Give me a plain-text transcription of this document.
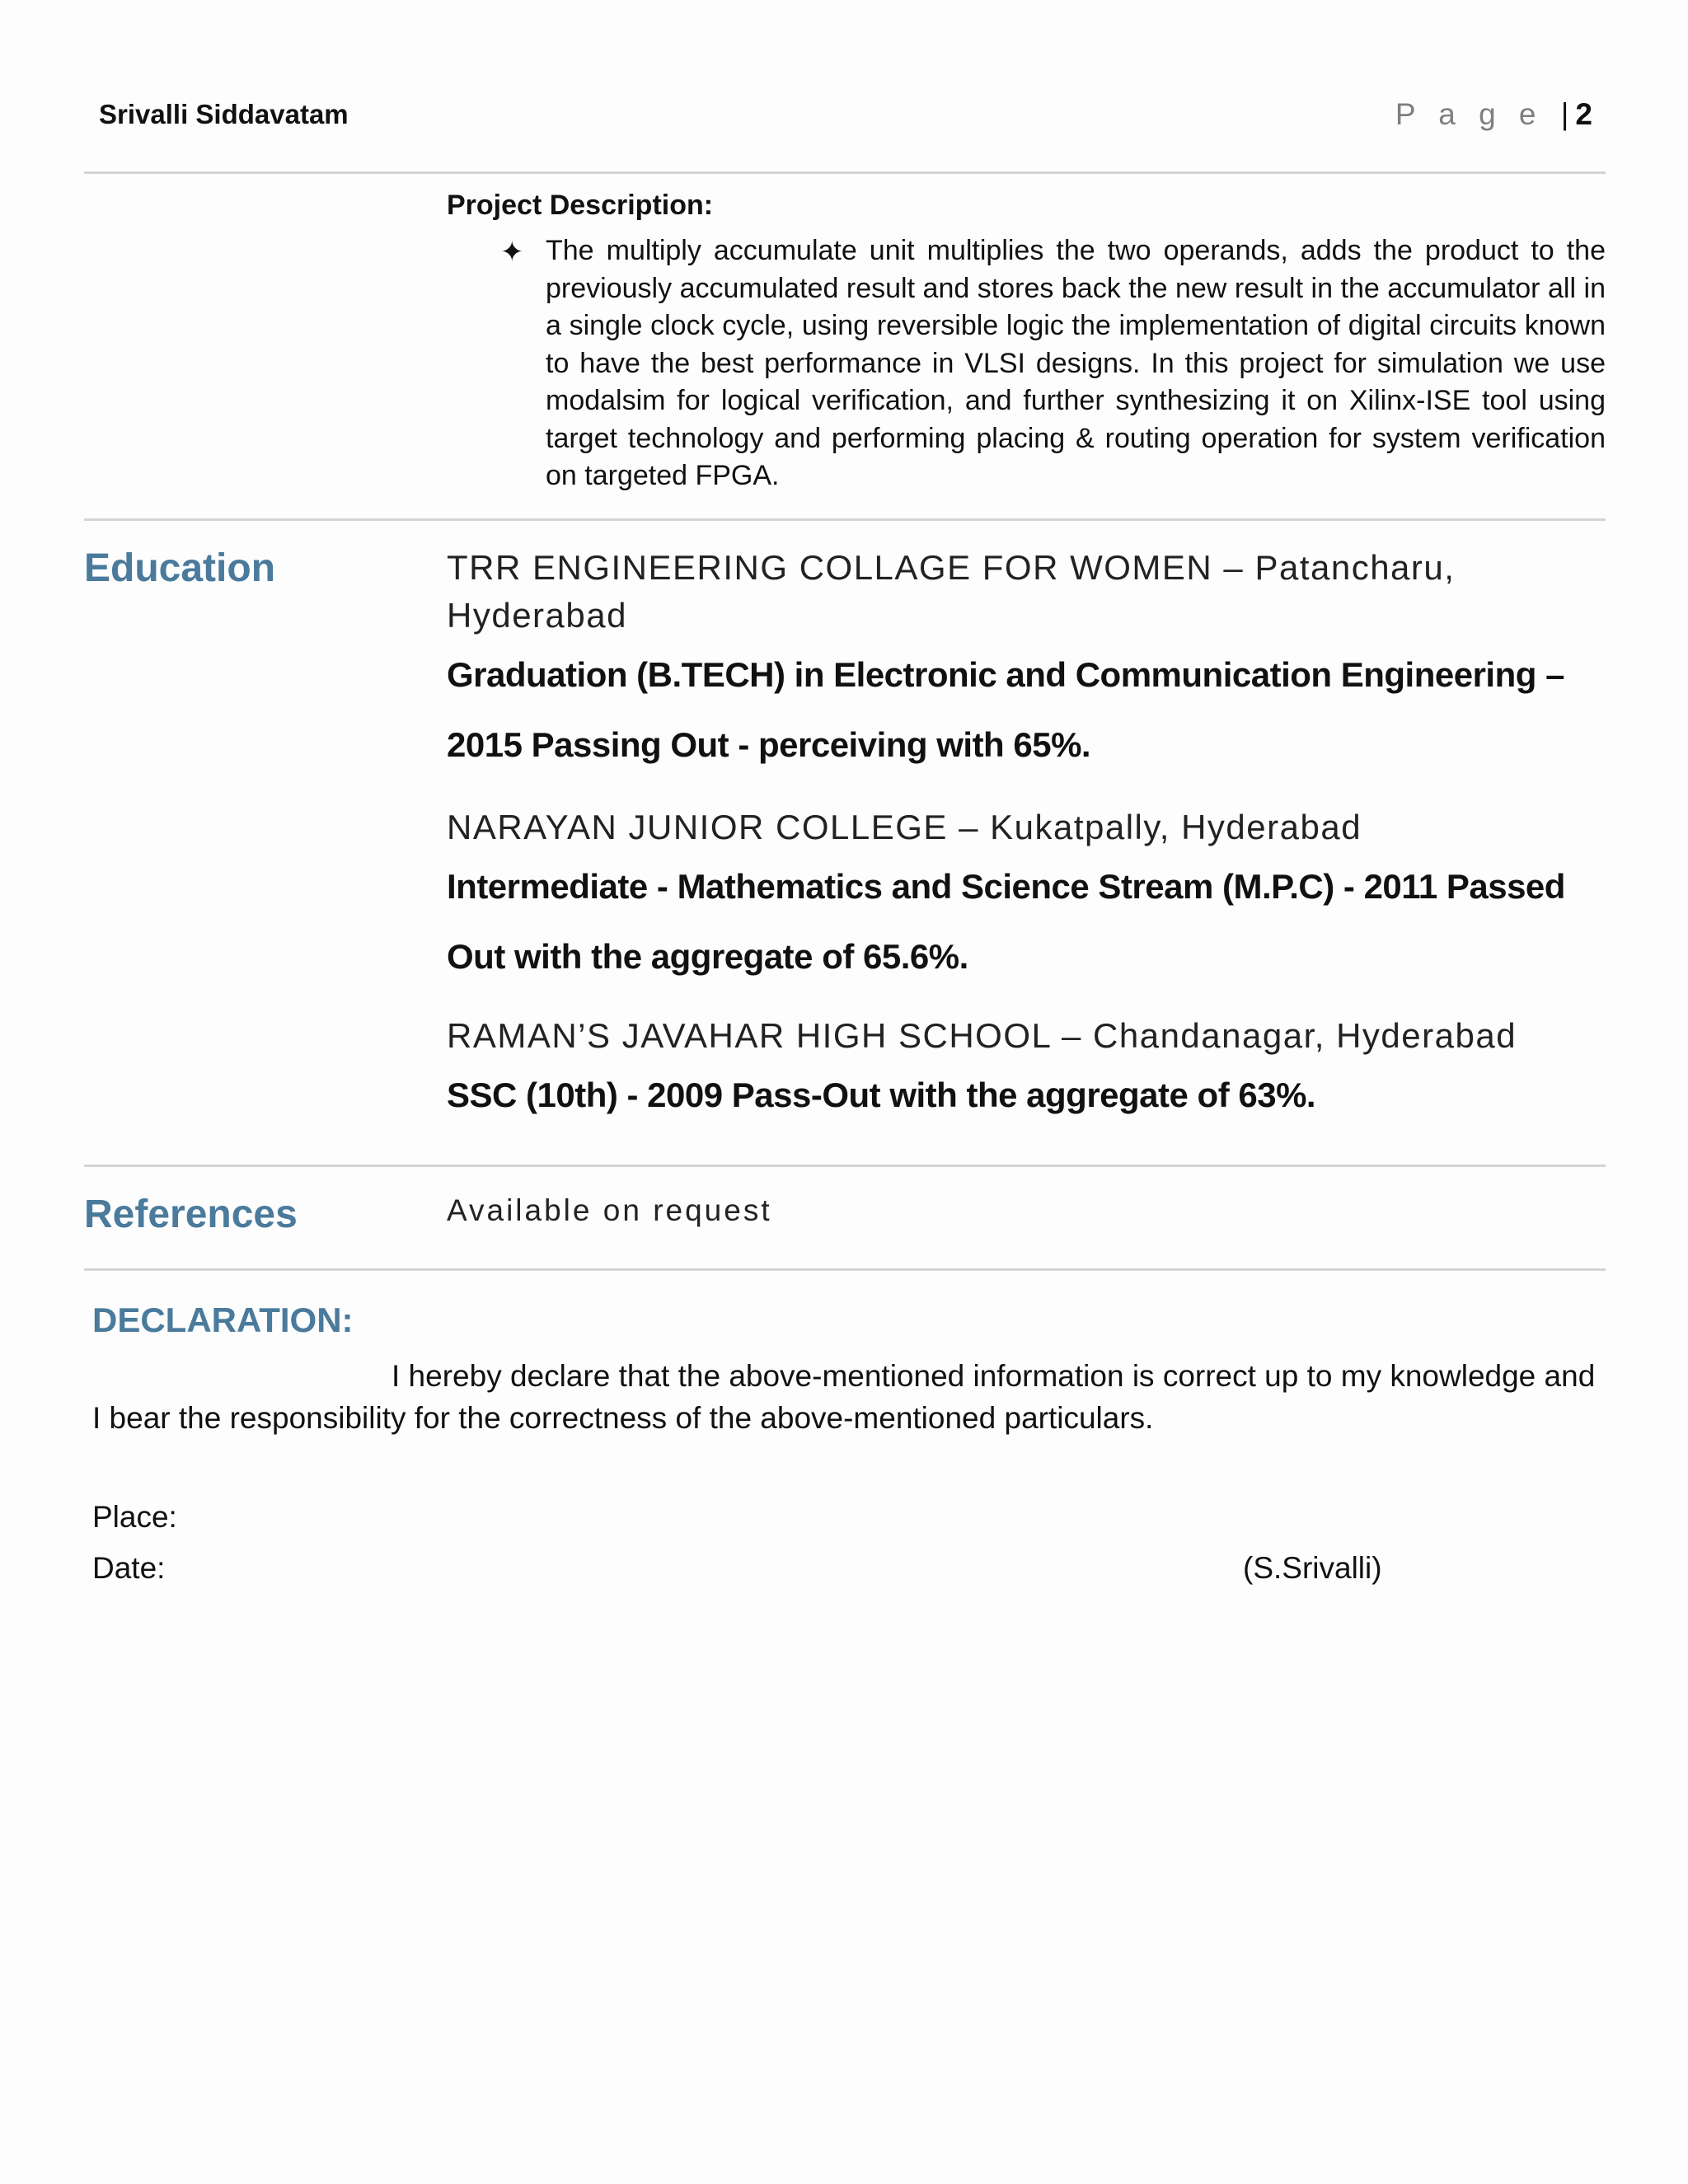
Srivalli Siddavatam	P a g e | 2
Project Description:
✦ The multiply accumulate unit multiplies the two operands, adds the product to the previously accumulated result and stores back the new result in the accumulator all in a single clock cycle, using reversible logic the implementation of digital circuits known to have the best performance in VLSI designs. In this project for simulation we use modalsim for logical verification, and further synthesizing it on Xilinx-ISE tool using target technology and performing placing & routing operation for system verification on targeted FPGA.
Education	TRR ENGINEERING COLLAGE FOR WOMEN – Patancharu, Hyderabad
Graduation (B.TECH) in Electronic and Communication Engineering – 2015 Passing Out - perceiving with 65%.
NARAYAN JUNIOR COLLEGE – Kukatpally, Hyderabad
Intermediate - Mathematics and Science Stream (M.P.C) - 2011 Passed Out with the aggregate of 65.6%.
RAMAN’S JAVAHAR HIGH SCHOOL – Chandanagar, Hyderabad
SSC (10th) - 2009 Pass-Out with the aggregate of 63%.
References	Available on request
DECLARATION:
I hereby declare that the above-mentioned information is correct up to my knowledge and I bear the responsibility for the correctness of the above-mentioned particulars.
Place:
Date:	(S.Srivalli)
